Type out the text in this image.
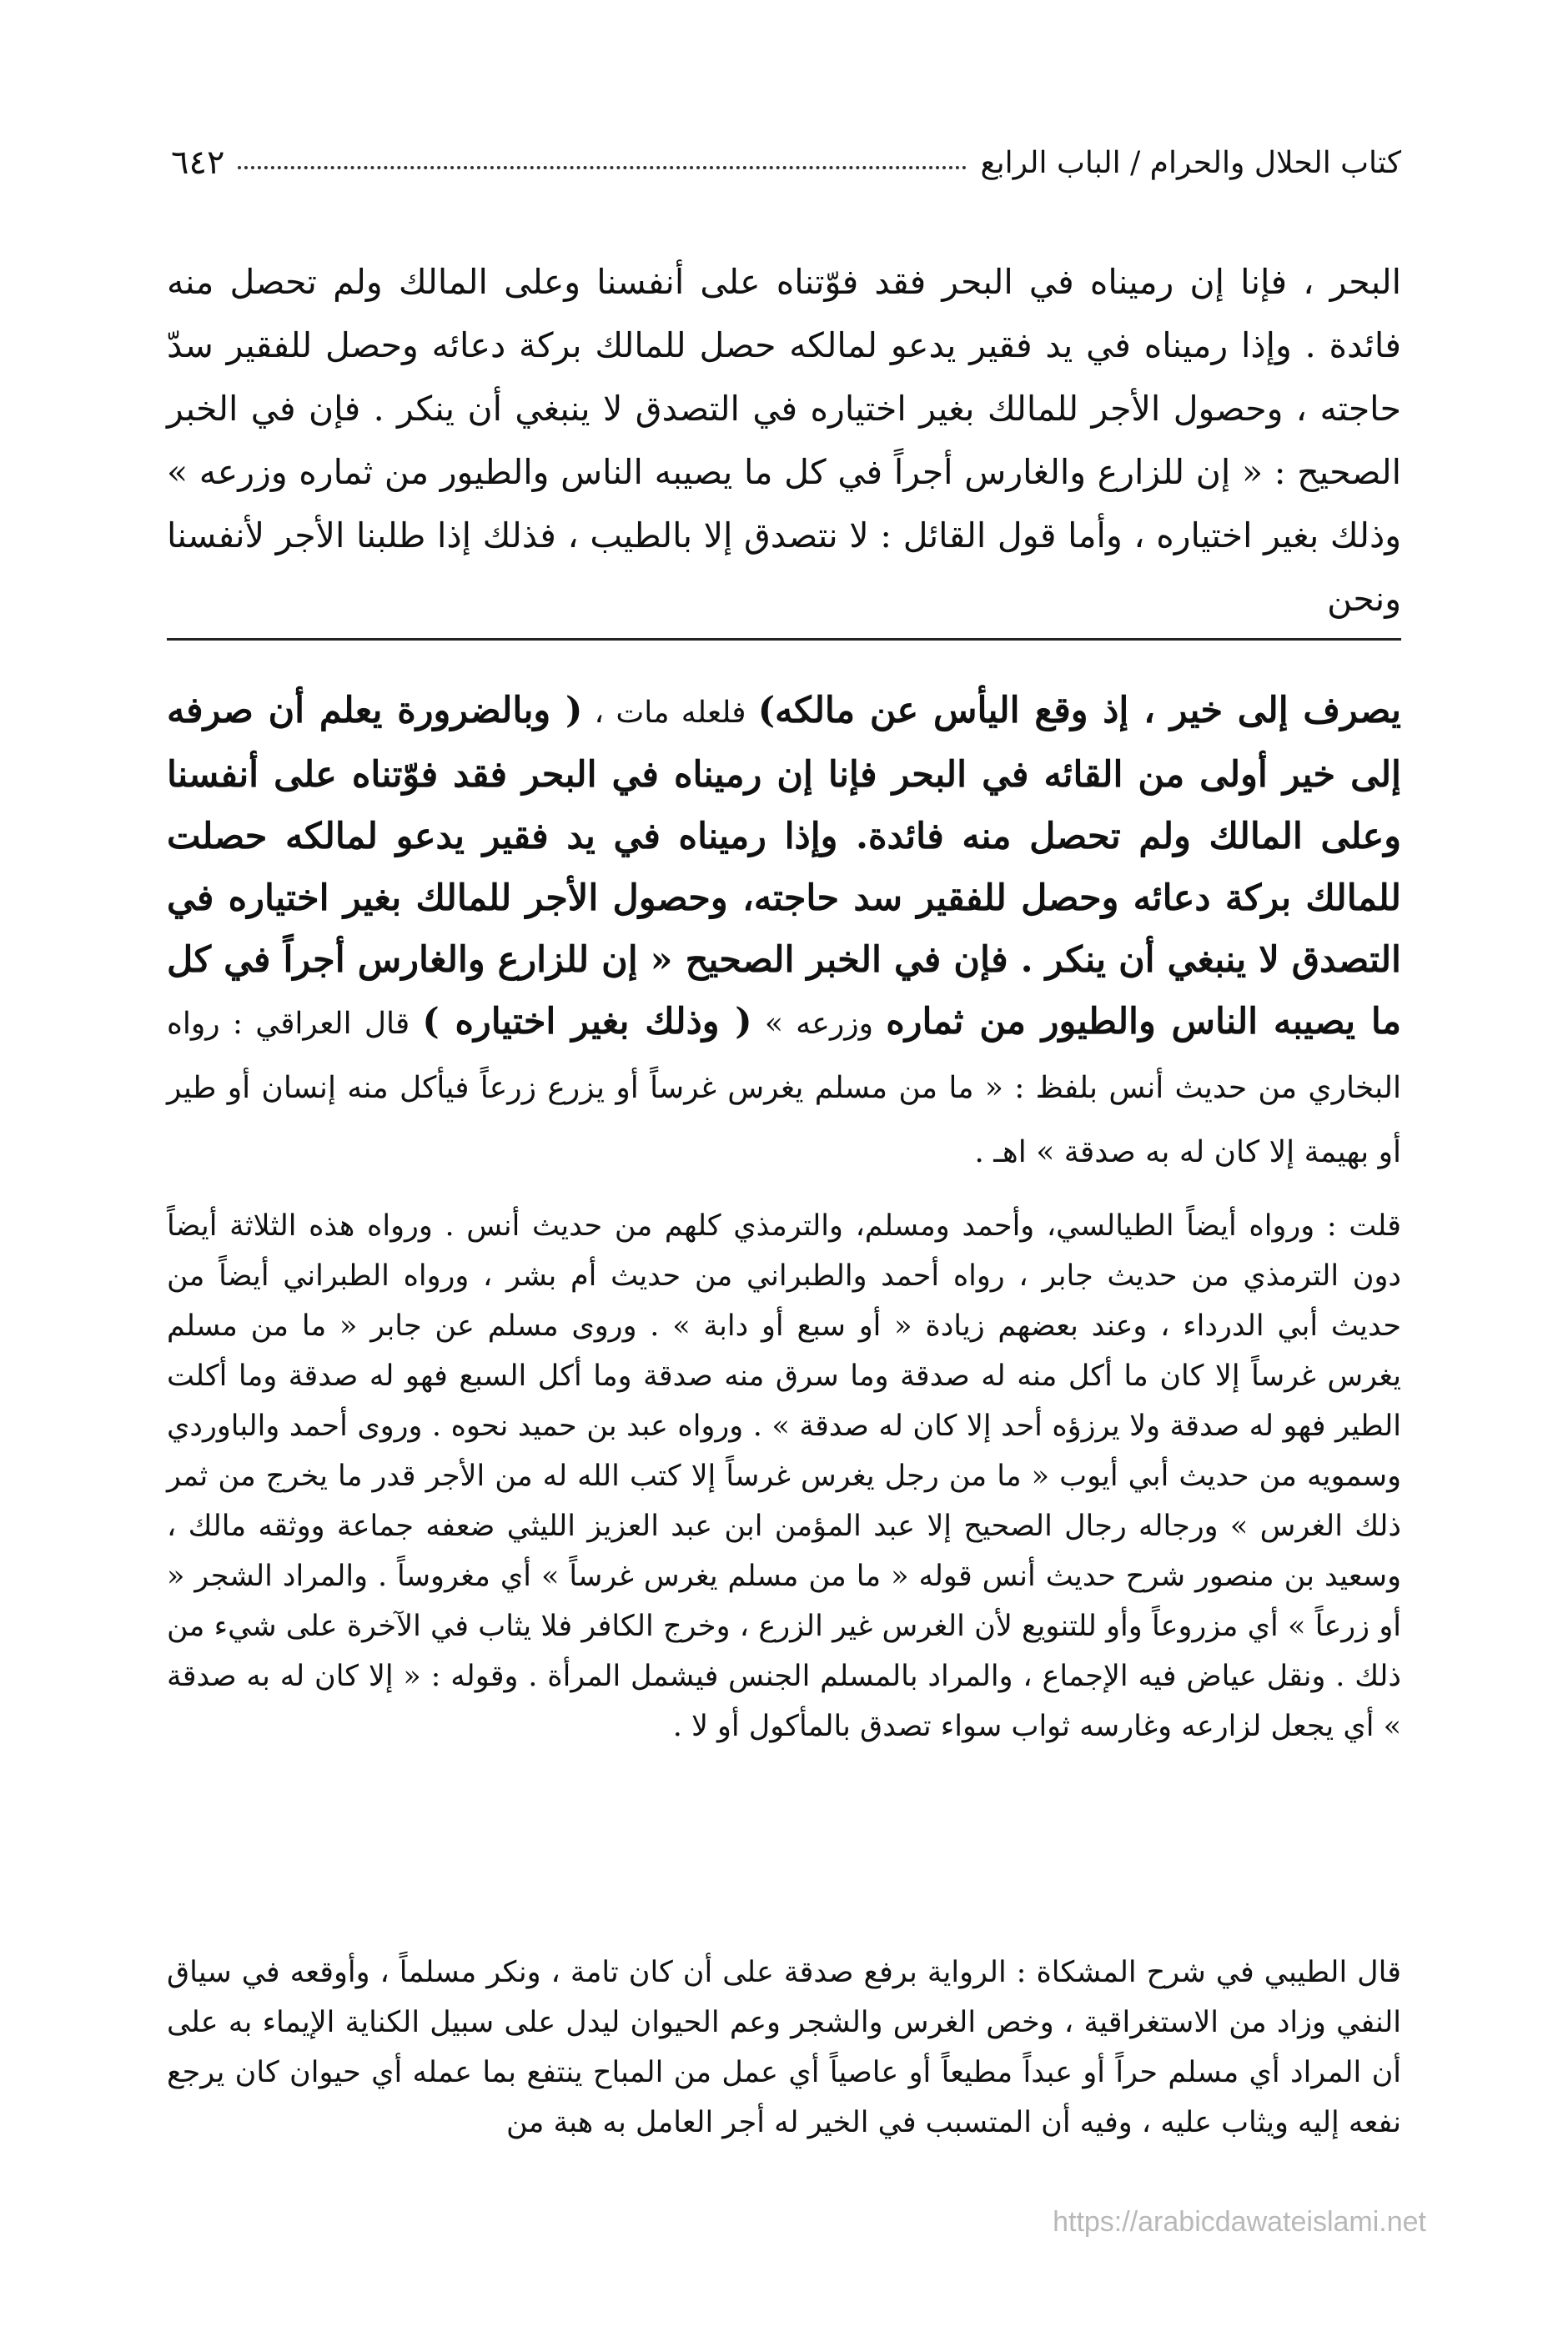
كتاب الحلال والحرام / الباب الرابع
٦٤٢

البحر ، فإنا إن رميناه في البحر فقد فوّتناه على أنفسنا وعلى المالك ولم تحصل منه فائدة . وإذا رميناه في يد فقير يدعو لمالكه حصل للمالك بركة دعائه وحصل للفقير سدّ حاجته ، وحصول الأجر للمالك بغير اختياره في التصدق لا ينبغي أن ينكر . فإن في الخبر الصحيح : « إن للزارع والغارس أجراً في كل ما يصيبه الناس والطيور من ثماره وزرعه » وذلك بغير اختياره ، وأما قول القائل : لا نتصدق إلا بالطيب ، فذلك إذا طلبنا الأجر لأنفسنا ونحن

يصرف إلى خير ، إذ وقع اليأس عن مالكه) فلعله مات ، ( وبالضرورة يعلم أن صرفه إلى خير أولى من القائه في البحر فإنا إن رميناه في البحر فقد فوّتناه على أنفسنا وعلى المالك ولم تحصل منه فائدة. وإذا رميناه في يد فقير يدعو لمالكه حصلت للمالك بركة دعائه وحصل للفقير سد حاجته، وحصول الأجر للمالك بغير اختياره في التصدق لا ينبغي أن ينكر . فإن في الخبر الصحيح « إن للزارع والغارس أجراً في كل ما يصيبه الناس والطيور من ثماره وزرعه » ( وذلك بغير اختياره ) قال العراقي : رواه البخاري من حديث أنس بلفظ : « ما من مسلم يغرس غرساً أو يزرع زرعاً فيأكل منه إنسان أو طير أو بهيمة إلا كان له به صدقة » اهـ .

قلت : ورواه أيضاً الطيالسي، وأحمد ومسلم، والترمذي كلهم من حديث أنس . ورواه هذه الثلاثة أيضاً دون الترمذي من حديث جابر ، رواه أحمد والطبراني من حديث أم بشر ، ورواه الطبراني أيضاً من حديث أبي الدرداء ، وعند بعضهم زيادة « أو سبع أو دابة » . وروى مسلم عن جابر « ما من مسلم يغرس غرساً إلا كان ما أكل منه له صدقة وما سرق منه صدقة وما أكل السبع فهو له صدقة وما أكلت الطير فهو له صدقة ولا يرزؤه أحد إلا كان له صدقة » . ورواه عبد بن حميد نحوه . وروى أحمد والباوردي وسمويه من حديث أبي أيوب « ما من رجل يغرس غرساً إلا كتب الله له من الأجر قدر ما يخرج من ثمر ذلك الغرس » ورجاله رجال الصحيح إلا عبد المؤمن ابن عبد العزيز الليثي ضعفه جماعة ووثقه مالك ، وسعيد بن منصور شرح حديث أنس قوله « ما من مسلم يغرس غرساً » أي مغروساً . والمراد الشجر « أو زرعاً » أي مزروعاً وأو للتنويع لأن الغرس غير الزرع ، وخرج الكافر فلا يثاب في الآخرة على شيء من ذلك . ونقل عياض فيه الإجماع ، والمراد بالمسلم الجنس فيشمل المرأة . وقوله : « إلا كان له به صدقة » أي يجعل لزارعه وغارسه ثواب سواء تصدق بالمأكول أو لا .

قال الطيبي في شرح المشكاة : الرواية برفع صدقة على أن كان تامة ، ونكر مسلماً ، وأوقعه في سياق النفي وزاد من الاستغراقية ، وخص الغرس والشجر وعم الحيوان ليدل على سبيل الكناية الإيماء به على أن المراد أي مسلم حراً أو عبداً مطيعاً أو عاصياً أي عمل من المباح ينتفع بما عمله أي حيوان كان يرجع نفعه إليه ويثاب عليه ، وفيه أن المتسبب في الخير له أجر العامل به هبة من

https://arabicdawateislami.net
